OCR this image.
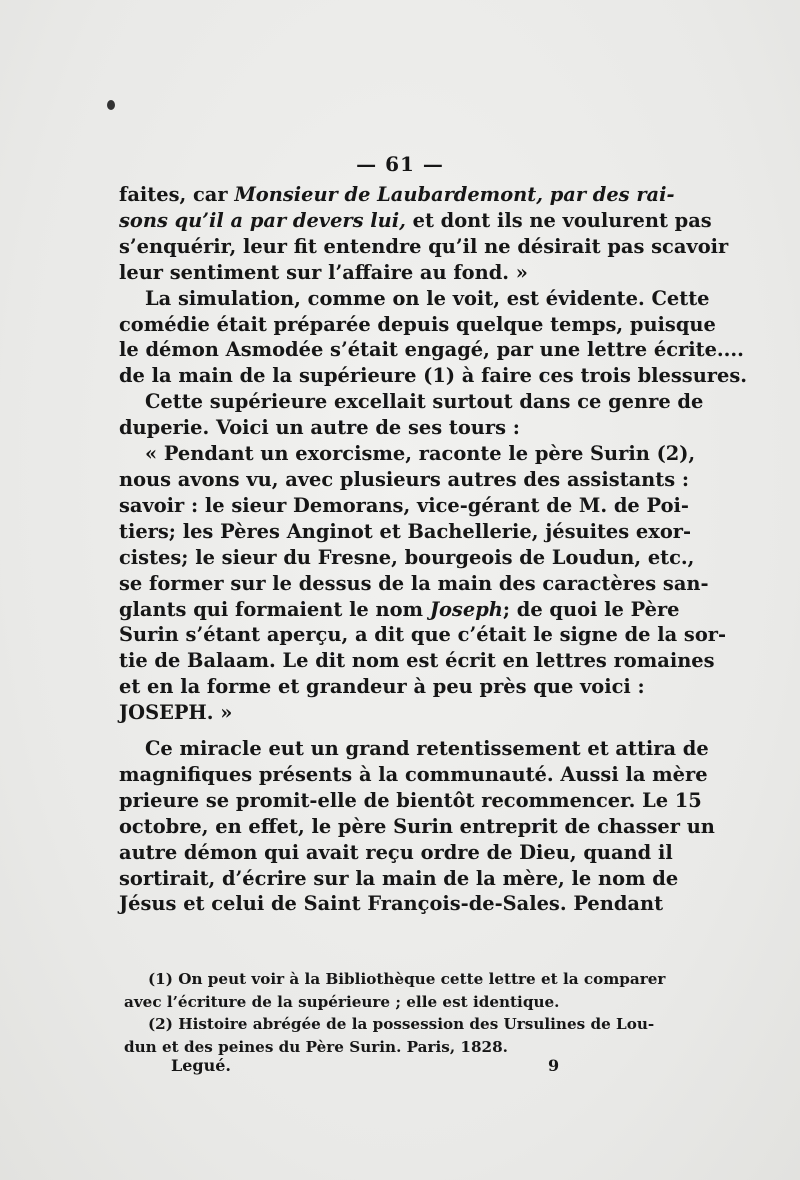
— 61 —
faites, car Monsieur de Laubardemont, par des rai-
sons qu’il a par devers lui, et dont ils ne voulurent pas
s’enquérir, leur fit entendre qu’il ne désirait pas scavoir
leur sentiment sur l’affaire au fond. »
La simulation, comme on le voit, est évidente. Cette
comédie était préparée depuis quelque temps, puisque
le démon Asmodée s’était engagé, par une lettre écrite....
de la main de la supérieure (1) à faire ces trois blessures.
Cette supérieure excellait surtout dans ce genre de
duperie. Voici un autre de ses tours :
« Pendant un exorcisme, raconte le père Surin (2),
nous avons vu, avec plusieurs autres des assistants :
savoir : le sieur Demorans, vice-gérant de M. de Poi-
tiers; les Pères Anginot et Bachellerie, jésuites exor-
cistes; le sieur du Fresne, bourgeois de Loudun, etc.,
se former sur le dessus de la main des caractères san-
glants qui formaient le nom Joseph; de quoi le Père
Surin s’étant aperçu, a dit que c’était le signe de la sor-
tie de Balaam. Le dit nom est écrit en lettres romaines
et en la forme et grandeur à peu près que voici :
JOSEPH. »
Ce miracle eut un grand retentissement et attira de
magnifiques présents à la communauté. Aussi la mère
prieure se promit-elle de bientôt recommencer. Le 15
octobre, en effet, le père Surin entreprit de chasser un
autre démon qui avait reçu ordre de Dieu, quand il
sortirait, d’écrire sur la main de la mère, le nom de
Jésus et celui de Saint François-de-Sales. Pendant
(1) On peut voir à la Bibliothèque cette lettre et la comparer
avec l’écriture de la supérieure ; elle est identique.
(2) Histoire abrégée de la possession des Ursulines de Lou-
dun et des peines du Père Surin. Paris, 1828.
Legué.	9
